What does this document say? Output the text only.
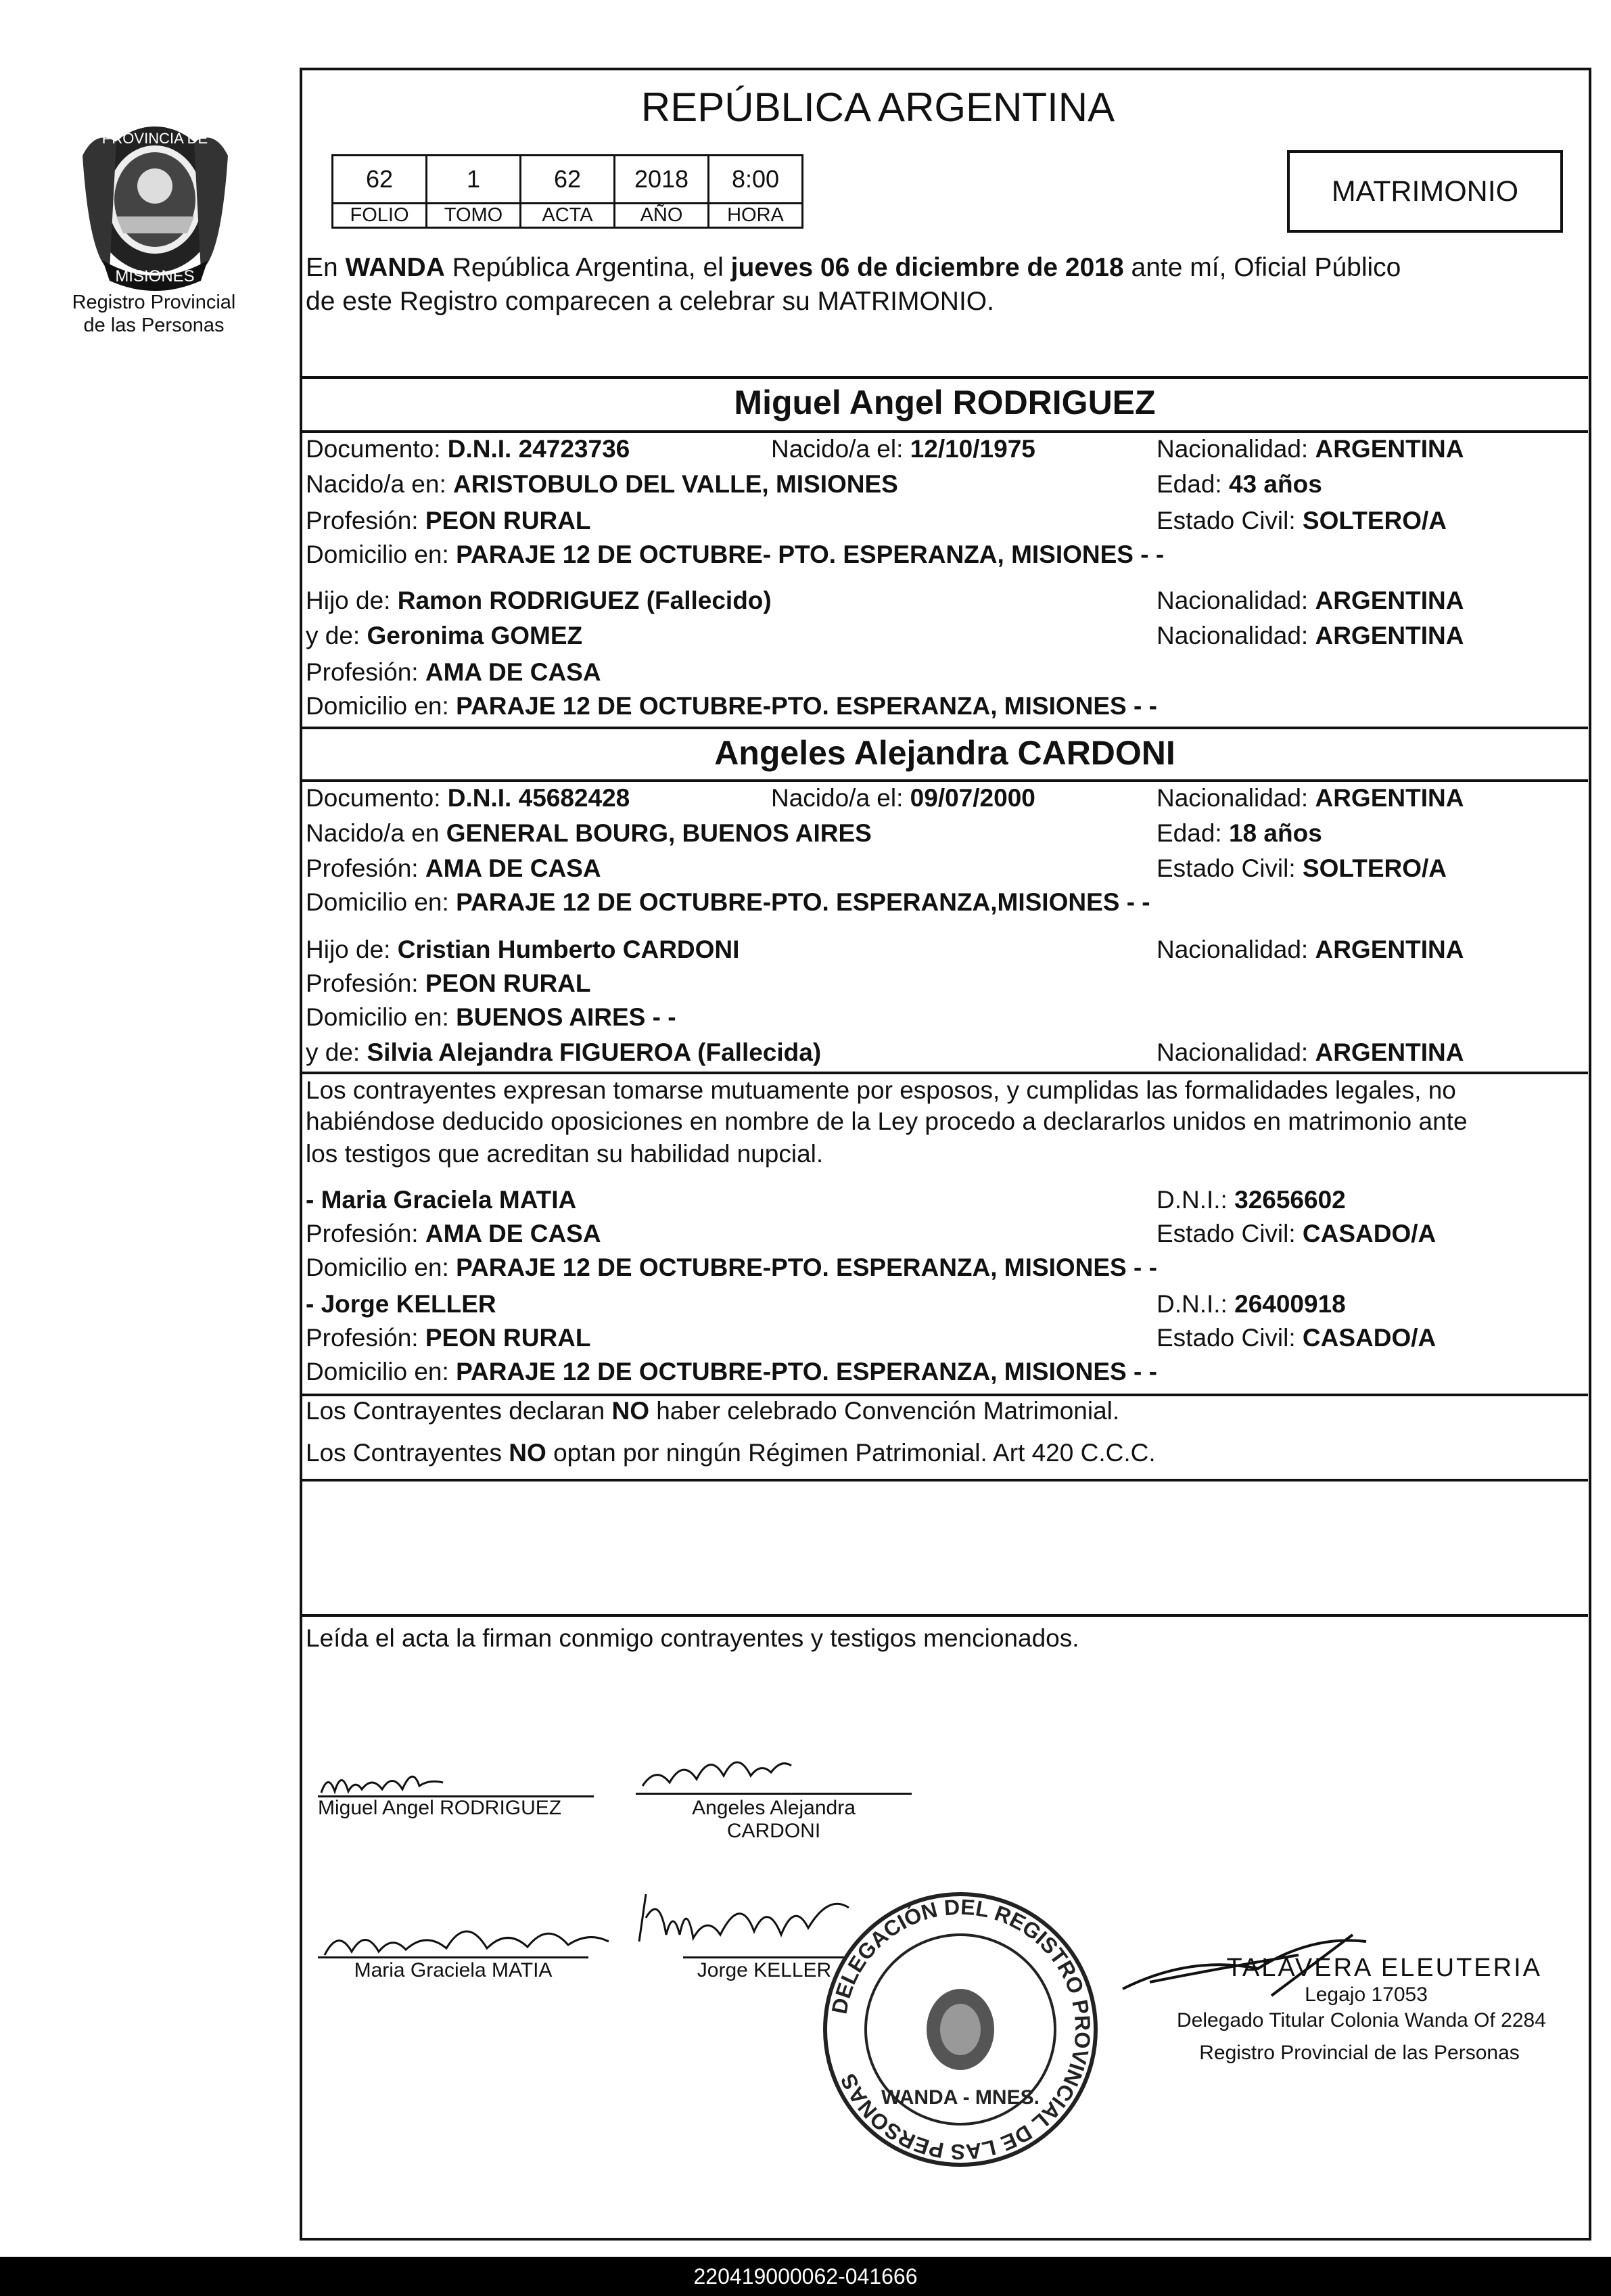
PROVINCIA DE
MISIONES
Registro Provincial
de las Personas
REPÚBLICA ARGENTINA
62	1	62	2018	8:00
FOLIO	TOMO	ACTA	AÑO	HORA
MATRIMONIO
En WANDA República Argentina, el jueves 06 de diciembre de 2018 ante mí, Oficial Público
de este Registro comparecen a celebrar su MATRIMONIO.
Miguel Angel RODRIGUEZ
Documento: D.N.I. 24723736	Nacido/a el: 12/10/1975	Nacionalidad: ARGENTINA
Nacido/a en: ARISTOBULO DEL VALLE, MISIONES	Edad: 43 años
Profesión: PEON RURAL	Estado Civil: SOLTERO/A
Domicilio en: PARAJE 12 DE OCTUBRE- PTO. ESPERANZA, MISIONES - -
Hijo de: Ramon RODRIGUEZ (Fallecido)	Nacionalidad: ARGENTINA
y de: Geronima GOMEZ	Nacionalidad: ARGENTINA
Profesión: AMA DE CASA
Domicilio en: PARAJE 12 DE OCTUBRE-PTO. ESPERANZA, MISIONES - -
Angeles Alejandra CARDONI
Documento: D.N.I. 45682428	Nacido/a el: 09/07/2000	Nacionalidad: ARGENTINA
Nacido/a en GENERAL BOURG, BUENOS AIRES	Edad: 18 años
Profesión: AMA DE CASA	Estado Civil: SOLTERO/A
Domicilio en: PARAJE 12 DE OCTUBRE-PTO. ESPERANZA,MISIONES - -
Hijo de: Cristian Humberto CARDONI	Nacionalidad: ARGENTINA
Profesión: PEON RURAL
Domicilio en: BUENOS AIRES - -
y de: Silvia Alejandra FIGUEROA (Fallecida)	Nacionalidad: ARGENTINA
Los contrayentes expresan tomarse mutuamente por esposos, y cumplidas las formalidades legales, no
habiéndose deducido oposiciones en nombre de la Ley procedo a declararlos unidos en matrimonio ante
los testigos que acreditan su habilidad nupcial.
- Maria Graciela MATIA	D.N.I.: 32656602
Profesión: AMA DE CASA	Estado Civil: CASADO/A
Domicilio en: PARAJE 12 DE OCTUBRE-PTO. ESPERANZA, MISIONES - -
- Jorge KELLER	D.N.I.: 26400918
Profesión: PEON RURAL	Estado Civil: CASADO/A
Domicilio en: PARAJE 12 DE OCTUBRE-PTO. ESPERANZA, MISIONES - -
Los Contrayentes declaran NO haber celebrado Convención Matrimonial.
Los Contrayentes NO optan por ningún Régimen Patrimonial. Art 420 C.C.C.
Leída el acta la firman conmigo contrayentes y testigos mencionados.
Miguel Angel RODRIGUEZ	Angeles Alejandra
CARDONI
Maria Graciela MATIA	Jorge KELLER
DELEGACIÓN DEL REGISTRO PROVINCIAL DE LAS PERSONAS
WANDA - MNES.
TALAVERA ELEUTERIA
Legajo 17053
Delegado Titular Colonia Wanda Of 2284
Registro Provincial de las Personas
220419000062-041666
